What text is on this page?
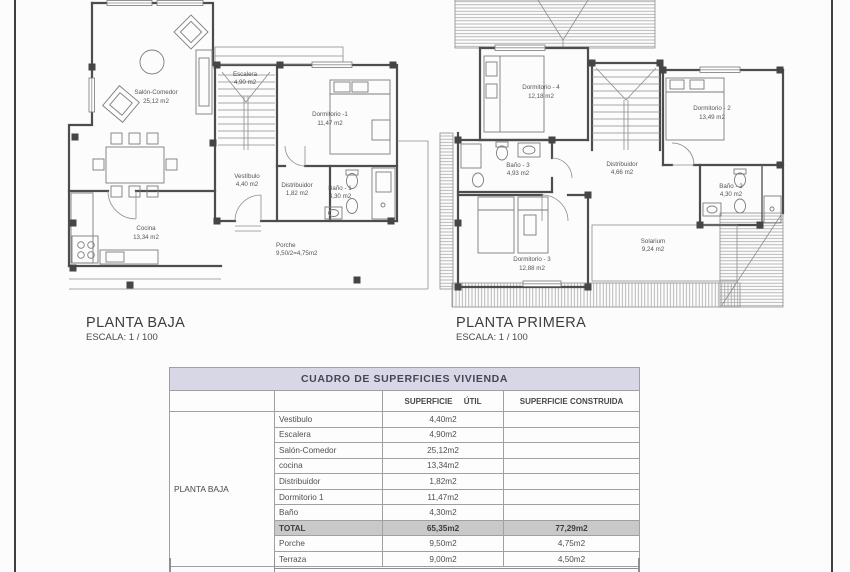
Salón-Comedor
25,12 m2
Escalera
4,90 m2
Dormitorio -1
11,47 m2
Vestíbulo
4,40 m2	Distribuidor
1,82 m2
Baño - 1
4,30 m2
Cocina
13,34 m2
Porche
9,50/2=4,75m2
Dormitorio - 4
12,18 m2
Dormitorio - 2
13,49 m2
Baño - 3
4,93 m2
Distribuidor
4,66 m2
Baño - 2
4,30 m2
Dormitorio - 3
12,88 m2
Solarium
9,24 m2
PLANTA BAJA
ESCALA: 1 / 100
PLANTA PRIMERA
ESCALA: 1 / 100
CUADRO DE SUPERFICIES VIVIENDA			
		SUPERFICIE ÚTIL	SUPERFICIE CONSTRUIDA
PLANTA BAJA	Vestibulo	4,40m2	
	Escalera	4,90m2	
	Salón-Comedor	25,12m2	
	cocina	13,34m2	
	Distribuidor	1,82m2	
	Dormitorio 1	11,47m2	
	Baño	4,30m2	
	TOTAL	65,35m2	77,29m2
	Porche	9,50m2	4,75m2
	Terraza	9,00m2	4,50m2
